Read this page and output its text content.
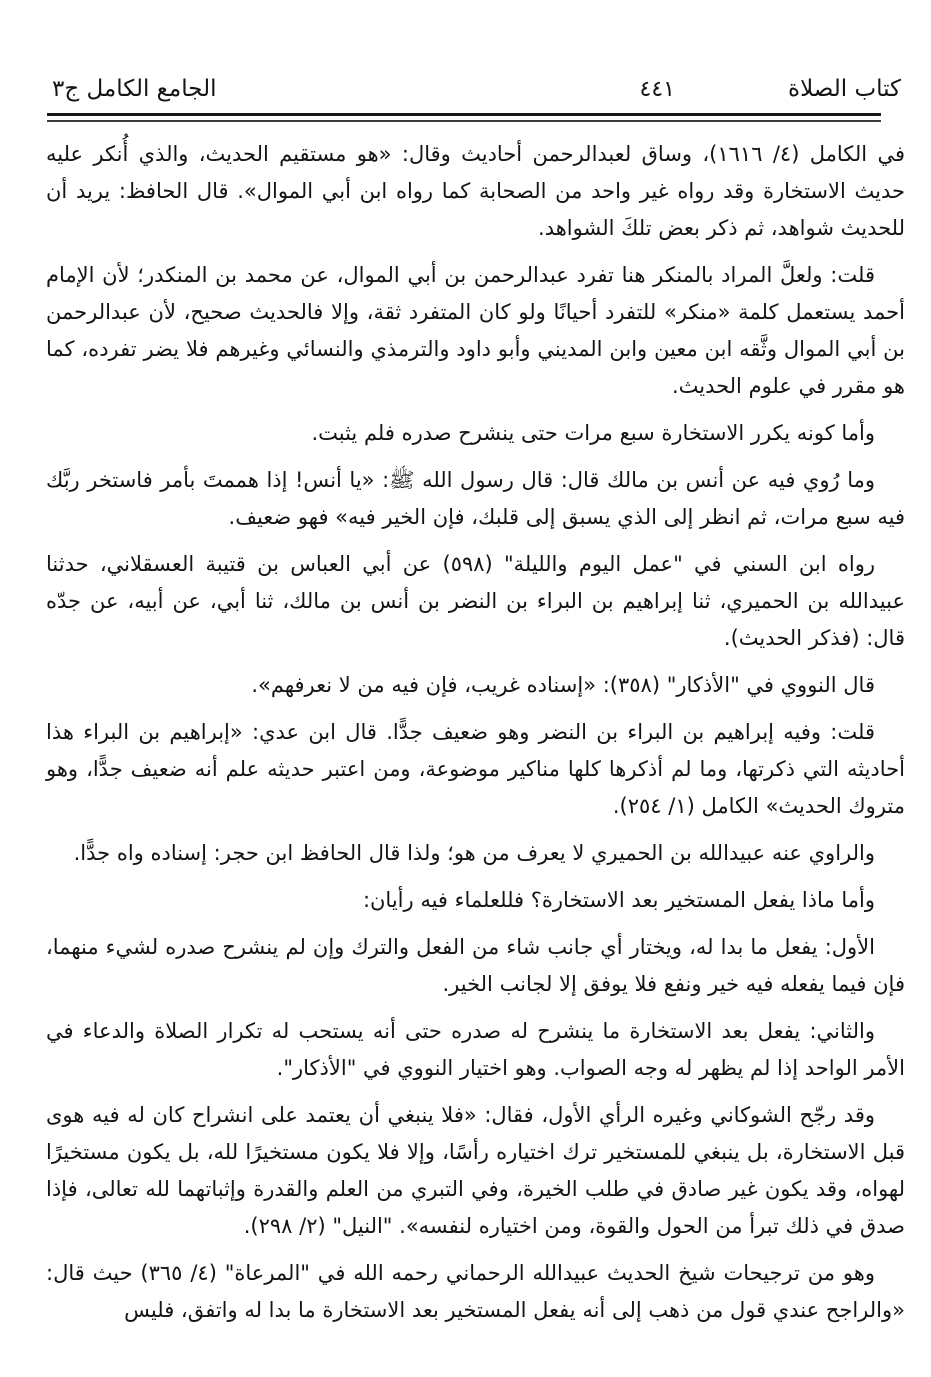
كتاب الصلاة
٤٤١
الجامع الكامل ج٣

في الكامل (٤/ ١٦١٦)، وساق لعبدالرحمن أحاديث وقال: «هو مستقيم الحديث، والذي أُنكر عليه حديث الاستخارة وقد رواه غير واحد من الصحابة كما رواه ابن أبي الموال». قال الحافظ: يريد أن للحديث شواهد، ثم ذكر بعض تلكَ الشواهد.

قلت: ولعلَّ المراد بالمنكر هنا تفرد عبدالرحمن بن أبي الموال، عن محمد بن المنكدر؛ لأن الإمام أحمد يستعمل كلمة «منكر» للتفرد أحيانًا ولو كان المتفرد ثقة، وإلا فالحديث صحيح، لأن عبدالرحمن بن أبي الموال وثَّقه ابن معين وابن المديني وأبو داود والترمذي والنسائي وغيرهم فلا يضر تفرده، كما هو مقرر في علوم الحديث.

وأما كونه يكرر الاستخارة سبع مرات حتى ينشرح صدره فلم يثبت.

وما رُوي فيه عن أنس بن مالك قال: قال رسول الله ﷺ: «يا أنس! إذا هممتَ بأمر فاستخر ربَّك فيه سبع مرات، ثم انظر إلى الذي يسبق إلى قلبك، فإن الخير فيه» فهو ضعيف.

رواه ابن السني في "عمل اليوم والليلة" (٥٩٨) عن أبي العباس بن قتيبة العسقلاني، حدثنا عبيدالله بن الحميري، ثنا إبراهيم بن البراء بن النضر بن أنس بن مالك، ثنا أبي، عن أبيه، عن جدّه قال: (فذكر الحديث).

قال النووي في "الأذكار" (٣٥٨): «إسناده غريب، فإن فيه من لا نعرفهم».

قلت: وفيه إبراهيم بن البراء بن النضر وهو ضعيف جدًّا. قال ابن عدي: «إبراهيم بن البراء هذا أحاديثه التي ذكرتها، وما لم أذكرها كلها مناكير موضوعة، ومن اعتبر حديثه علم أنه ضعيف جدًّا، وهو متروك الحديث» الكامل (١/ ٢٥٤).

والراوي عنه عبيدالله بن الحميري لا يعرف من هو؛ ولذا قال الحافظ ابن حجر: إسناده واه جدًّا.

وأما ماذا يفعل المستخير بعد الاستخارة؟ فللعلماء فيه رأيان:

الأول: يفعل ما بدا له، ويختار أي جانب شاء من الفعل والترك وإن لم ينشرح صدره لشيء منهما، فإن فيما يفعله فيه خير ونفع فلا يوفق إلا لجانب الخير.

والثاني: يفعل بعد الاستخارة ما ينشرح له صدره حتى أنه يستحب له تكرار الصلاة والدعاء في الأمر الواحد إذا لم يظهر له وجه الصواب. وهو اختيار النووي في "الأذكار".

وقد رجّح الشوكاني وغيره الرأي الأول، فقال: «فلا ينبغي أن يعتمد على انشراح كان له فيه هوى قبل الاستخارة، بل ينبغي للمستخير ترك اختياره رأسًا، وإلا فلا يكون مستخيرًا لله، بل يكون مستخيرًا لهواه، وقد يكون غير صادق في طلب الخيرة، وفي التبري من العلم والقدرة وإثباتهما لله تعالى، فإذا صدق في ذلك تبرأ من الحول والقوة، ومن اختياره لنفسه». "النيل" (٢/ ٢٩٨).

وهو من ترجيحات شيخ الحديث عبيدالله الرحماني رحمه الله في "المرعاة" (٤/ ٣٦٥) حيث قال: «والراجح عندي قول من ذهب إلى أنه يفعل المستخير بعد الاستخارة ما بدا له واتفق، فليس
